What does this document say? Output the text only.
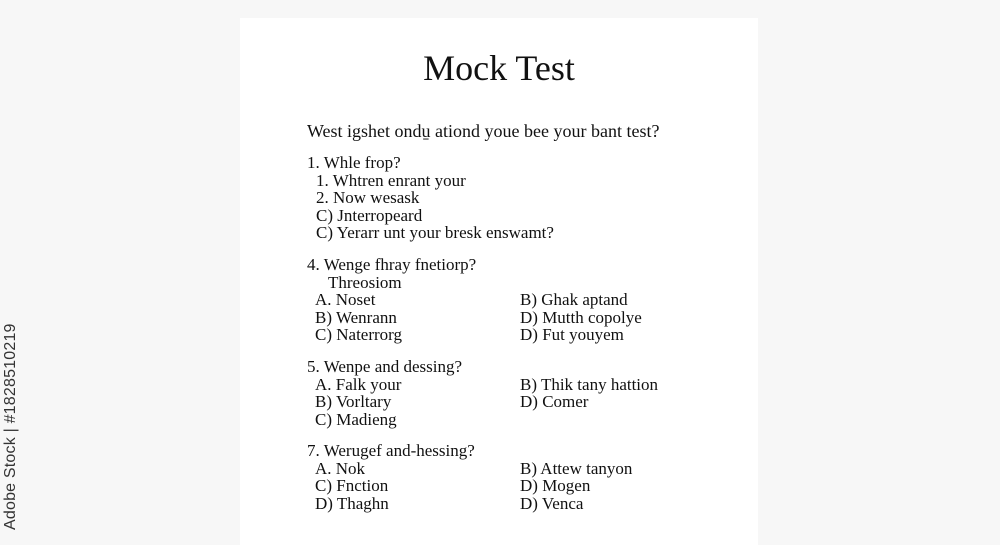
Mock Test
West igshet ondu̱ ationd youe bee your bant test?
1. Whle frop?
1. Whtren enrant your
2. Now wesask
C) Jnterropeard
C) Yerarr unt your bresk enswamt?
4. Wenge fhray fnetiorp?
Threosiom
A. Noset	B) Ghak aptand
B) Wenrann	D) Mutth copolye
C) Naterrorg	D) Fut youyem
5. Wenpe and dessing?
A. Falk your	B) Thik tany hattion
B) Vorltary	D) Comer
C) Madieng
7. Werugef and-hessing?
A. Nok	B) Attew tanyon
C) Fnction	D) Mogen
D) Thaghn	D) Venca
Adobe Stock | #1828510219
